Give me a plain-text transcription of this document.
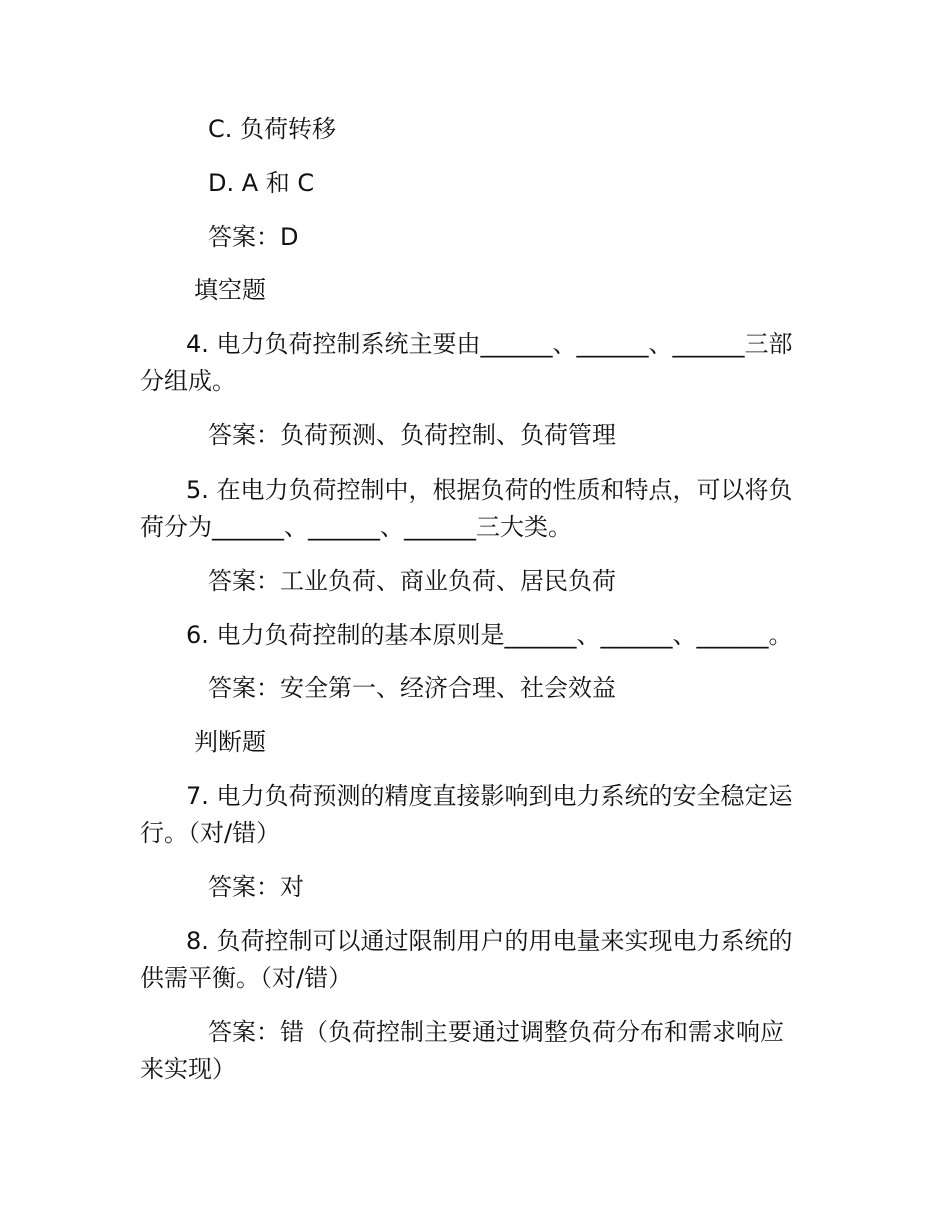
C. 负荷转移
D. A 和 C
答案：D
填空题
4. 电力负荷控制系统主要由______、______、______三部
分组成。
答案：负荷预测、负荷控制、负荷管理
5. 在电力负荷控制中，根据负荷的性质和特点，可以将负
荷分为______、______、______三大类。
答案：工业负荷、商业负荷、居民负荷
6. 电力负荷控制的基本原则是______、______、______。
答案：安全第一、经济合理、社会效益
判断题
7. 电力负荷预测的精度直接影响到电力系统的安全稳定运
行。（对/错）
答案：对
8. 负荷控制可以通过限制用户的用电量来实现电力系统的
供需平衡。（对/错）
答案：错（负荷控制主要通过调整负荷分布和需求响应
来实现）
